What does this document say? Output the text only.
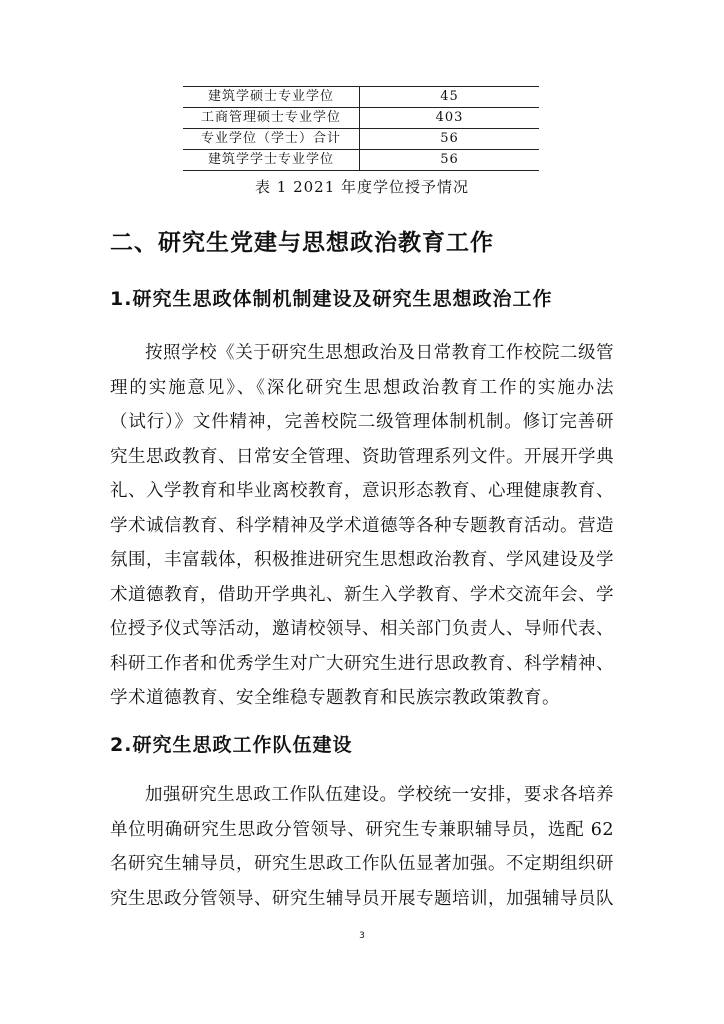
建筑学硕士专业学位	45
工商管理硕士专业学位	403
专业学位（学士）合计	56
建筑学学士专业学位	56
表 1 2021 年度学位授予情况
二、研究生党建与思想政治教育工作
1.研究生思政体制机制建设及研究生思想政治工作

按照学校《关于研究生思想政治及日常教育工作校院二级管理的实施意见》、《深化研究生思想政治教育工作的实施办法（试行）》文件精神，完善校院二级管理体制机制。修订完善研究生思政教育、日常安全管理、资助管理系列文件。开展开学典礼、入学教育和毕业离校教育，意识形态教育、心理健康教育、学术诚信教育、科学精神及学术道德等各种专题教育活动。营造氛围，丰富载体，积极推进研究生思想政治教育、学风建设及学术道德教育，借助开学典礼、新生入学教育、学术交流年会、学位授予仪式等活动，邀请校领导、相关部门负责人、导师代表、科研工作者和优秀学生对广大研究生进行思政教育、科学精神、学术道德教育、安全维稳专题教育和民族宗教政策教育。

2.研究生思政工作队伍建设

加强研究生思政工作队伍建设。学校统一安排，要求各培养单位明确研究生思政分管领导、研究生专兼职辅导员，选配 62 名研究生辅导员，研究生思政工作队伍显著加强。不定期组织研究生思政分管领导、研究生辅导员开展专题培训，加强辅导员队

3
